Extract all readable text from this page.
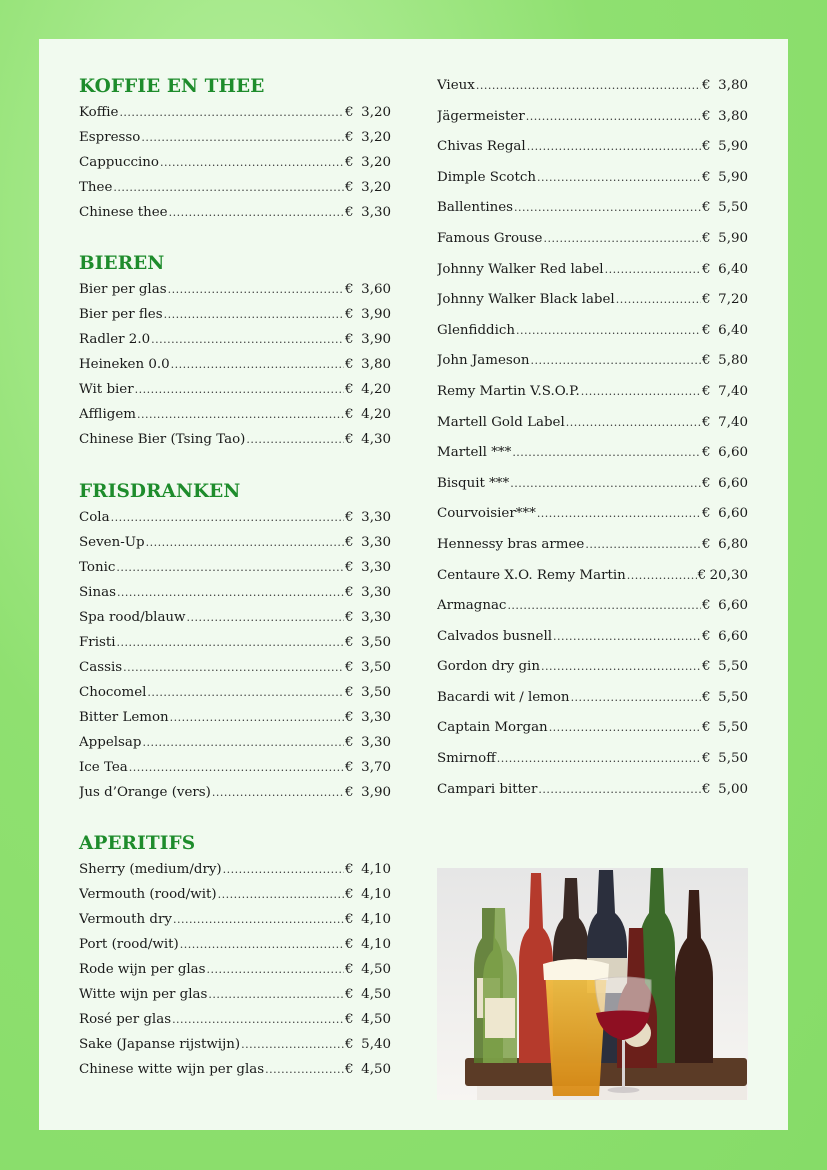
KOFFIE EN THEE
Koffie .....	€ 3,20
Espresso .....	€ 3,20
Cappuccino .....	€ 3,20
Thee .....	€ 3,20
Chinese thee .....	€ 3,30
BIEREN
Bier per glas .....	€ 3,60
Bier per fles .....	€ 3,90
Radler 2.0 .....	€ 3,90
Heineken 0.0 .....	€ 3,80
Wit bier .....	€ 4,20
Affligem .....	€ 4,20
Chinese Bier (Tsing Tao) .....	€ 4,30
FRISDRANKEN
Cola .....	€ 3,30
Seven-Up .....	€ 3,30
Tonic .....	€ 3,30
Sinas .....	€ 3,30
Spa rood/blauw .....	€ 3,30
Fristi .....	€ 3,50
Cassis .....	€ 3,50
Chocomel .....	€ 3,50
Bitter Lemon .....	€ 3,30
Appelsap .....	€ 3,30
Ice Tea .....	€ 3,70
Jus d’Orange (vers) .....	€ 3,90
APERITIFS
Sherry (medium/dry) .....	€ 4,10
Vermouth (rood/wit) .....	€ 4,10
Vermouth dry .....	€ 4,10
Port (rood/wit) .....	€ 4,10
Rode wijn per glas .....	€ 4,50
Witte wijn per glas .....	€ 4,50
Rosé per glas .....	€ 4,50
Sake (Japanse rijstwijn) .....	€ 5,40
Chinese witte wijn per glas .....	€ 4,50
Vieux .....	€ 3,80
Jägermeister .....	€ 3,80
Chivas Regal .....	€ 5,90
Dimple Scotch .....	€ 5,90
Ballentines .....	€ 5,50
Famous Grouse .....	€ 5,90
Johnny Walker Red label .....	€ 6,40
Johnny Walker Black label .....	€ 7,20
Glenfiddich .....	€ 6,40
John Jameson .....	€ 5,80
Remy Martin V.S.O.P. .....	€ 7,40
Martell Gold Label .....	€ 7,40
Martell *** .....	€ 6,60
Bisquit *** .....	€ 6,60
Courvoisier*** .....	€ 6,60
Hennessy bras armee .....	€ 6,80
Centaure X.O. Remy Martin .....	€ 20,30
Armagnac .....	€ 6,60
Calvados busnell .....	€ 6,60
Gordon dry gin .....	€ 5,50
Bacardi wit / lemon .....	€ 5,50
Captain Morgan .....	€ 5,50
Smirnoff .....	€ 5,50
Campari bitter .....	€ 5,00
